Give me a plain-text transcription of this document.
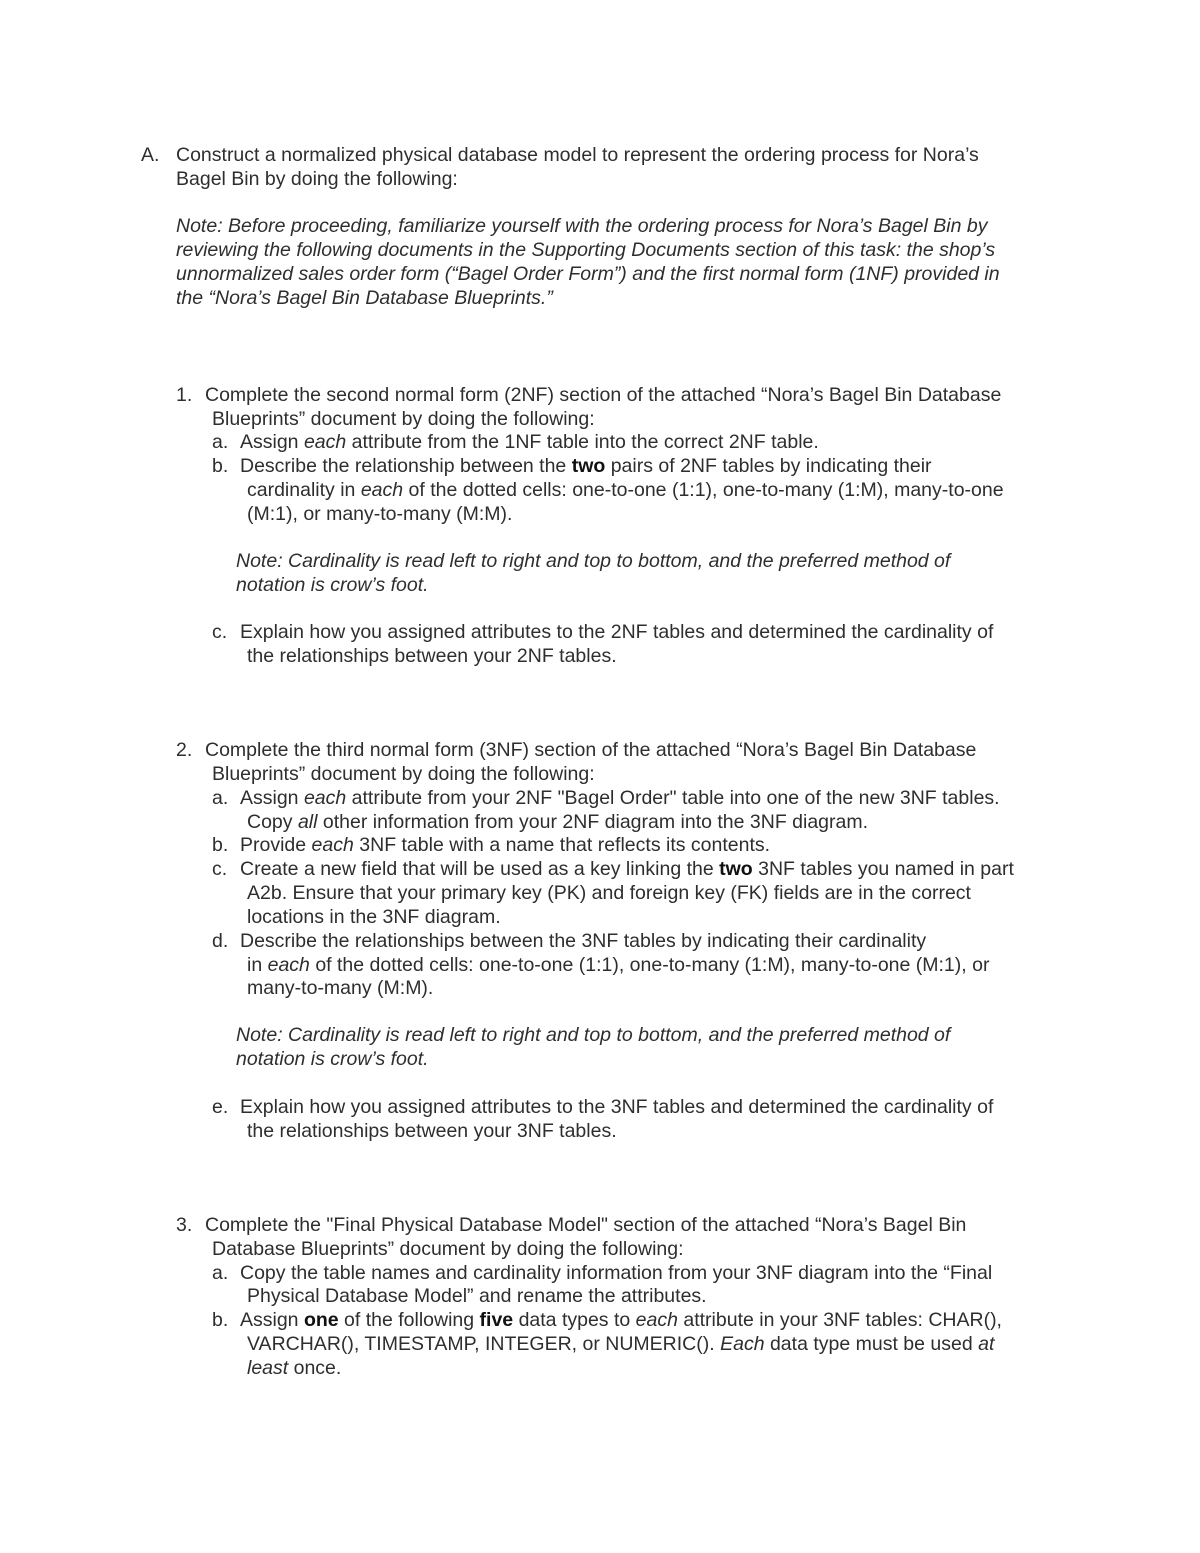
A. Construct a normalized physical database model to represent the ordering process for Nora’s
Bagel Bin by doing the following:
Note: Before proceeding, familiarize yourself with the ordering process for Nora’s Bagel Bin by
reviewing the following documents in the Supporting Documents section of this task: the shop’s
unnormalized sales order form (“Bagel Order Form”) and the first normal form (1NF) provided in
the “Nora’s Bagel Bin Database Blueprints.”
1. Complete the second normal form (2NF) section of the attached “Nora’s Bagel Bin Database
Blueprints” document by doing the following:
a. Assign each attribute from the 1NF table into the correct 2NF table.
b. Describe the relationship between the two pairs of 2NF tables by indicating their
cardinality in each of the dotted cells: one-to-one (1:1), one-to-many (1:M), many-to-one
(M:1), or many-to-many (M:M).
Note: Cardinality is read left to right and top to bottom, and the preferred method of
notation is crow’s foot.
c. Explain how you assigned attributes to the 2NF tables and determined the cardinality of
the relationships between your 2NF tables.
2. Complete the third normal form (3NF) section of the attached “Nora’s Bagel Bin Database
Blueprints” document by doing the following:
a. Assign each attribute from your 2NF "Bagel Order" table into one of the new 3NF tables.
Copy all other information from your 2NF diagram into the 3NF diagram.
b. Provide each 3NF table with a name that reflects its contents.
c. Create a new field that will be used as a key linking the two 3NF tables you named in part
A2b. Ensure that your primary key (PK) and foreign key (FK) fields are in the correct
locations in the 3NF diagram.
d. Describe the relationships between the 3NF tables by indicating their cardinality
in each of the dotted cells: one-to-one (1:1), one-to-many (1:M), many-to-one (M:1), or
many-to-many (M:M).
Note: Cardinality is read left to right and top to bottom, and the preferred method of
notation is crow’s foot.
e. Explain how you assigned attributes to the 3NF tables and determined the cardinality of
the relationships between your 3NF tables.
3. Complete the "Final Physical Database Model" section of the attached “Nora’s Bagel Bin
Database Blueprints” document by doing the following:
a. Copy the table names and cardinality information from your 3NF diagram into the “Final
Physical Database Model” and rename the attributes.
b. Assign one of the following five data types to each attribute in your 3NF tables: CHAR(),
VARCHAR(), TIMESTAMP, INTEGER, or NUMERIC(). Each data type must be used at
least once.
